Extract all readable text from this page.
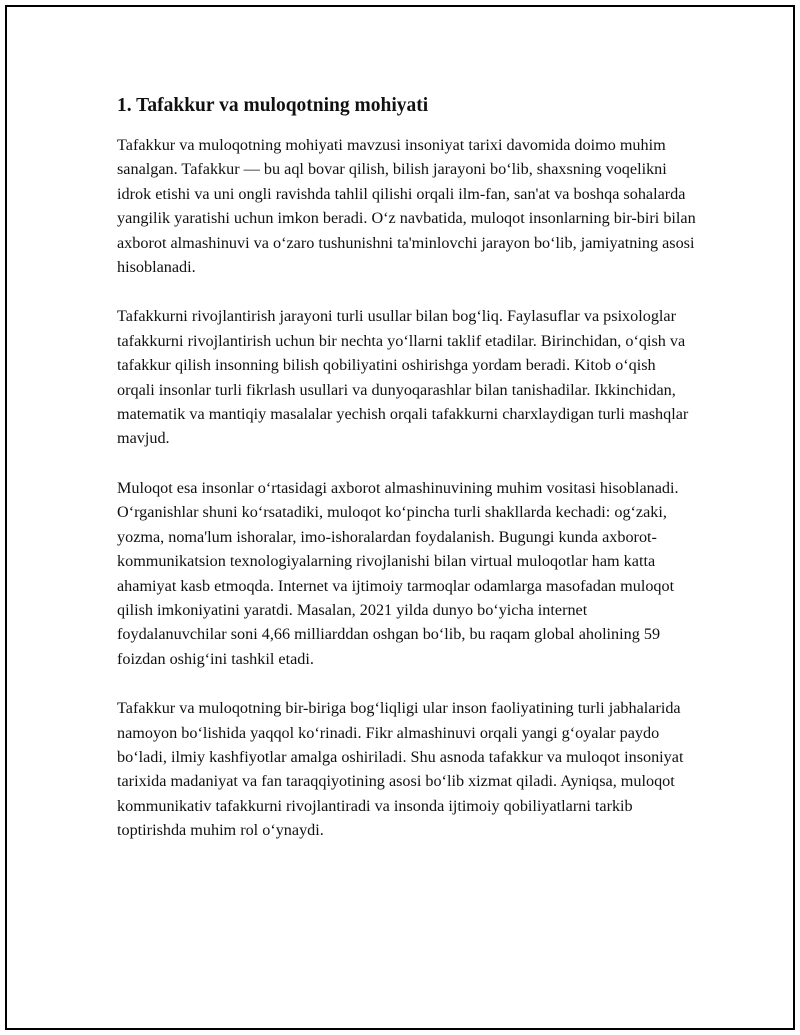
1. Tafakkur va muloqotning mohiyati

Tafakkur va muloqotning mohiyati mavzusi insoniyat tarixi davomida doimo muhim sanalgan. Tafakkur — bu aql bovar qilish, bilish jarayoni bo‘lib, shaxsning voqelikni idrok etishi va uni ongli ravishda tahlil qilishi orqali ilm-fan, san'at va boshqa sohalarda yangilik yaratishi uchun imkon beradi. O‘z navbatida, muloqot insonlarning bir-biri bilan axborot almashinuvi va o‘zaro tushunishni ta'minlovchi jarayon bo‘lib, jamiyatning asosi hisoblanadi.

Tafakkurni rivojlantirish jarayoni turli usullar bilan bog‘liq. Faylasuflar va psixologlar tafakkurni rivojlantirish uchun bir nechta yo‘llarni taklif etadilar. Birinchidan, o‘qish va tafakkur qilish insonning bilish qobiliyatini oshirishga yordam beradi. Kitob o‘qish orqali insonlar turli fikrlash usullari va dunyoqarashlar bilan tanishadilar. Ikkinchidan, matematik va mantiqiy masalalar yechish orqali tafakkurni charxlaydigan turli mashqlar mavjud.

Muloqot esa insonlar o‘rtasidagi axborot almashinuvining muhim vositasi hisoblanadi. O‘rganishlar shuni ko‘rsatadiki, muloqot ko‘pincha turli shakllarda kechadi: og‘zaki, yozma, noma'lum ishoralar, imo-ishoralardan foydalanish. Bugungi kunda axborot-kommunikatsion texnologiyalarning rivojlanishi bilan virtual muloqotlar ham katta ahamiyat kasb etmoqda. Internet va ijtimoiy tarmoqlar odamlarga masofadan muloqot qilish imkoniyatini yaratdi. Masalan, 2021 yilda dunyo bo‘yicha internet foydalanuvchilar soni 4,66 milliarddan oshgan bo‘lib, bu raqam global aholining 59 foizdan oshig‘ini tashkil etadi.

Tafakkur va muloqotning bir-biriga bog‘liqligi ular inson faoliyatining turli jabhalarida namoyon bo‘lishida yaqqol ko‘rinadi. Fikr almashinuvi orqali yangi g‘oyalar paydo bo‘ladi, ilmiy kashfiyotlar amalga oshiriladi. Shu asnoda tafakkur va muloqot insoniyat tarixida madaniyat va fan taraqqiyotining asosi bo‘lib xizmat qiladi. Ayniqsa, muloqot kommunikativ tafakkurni rivojlantiradi va insonda ijtimoiy qobiliyatlarni tarkib toptirishda muhim rol o‘ynaydi.
